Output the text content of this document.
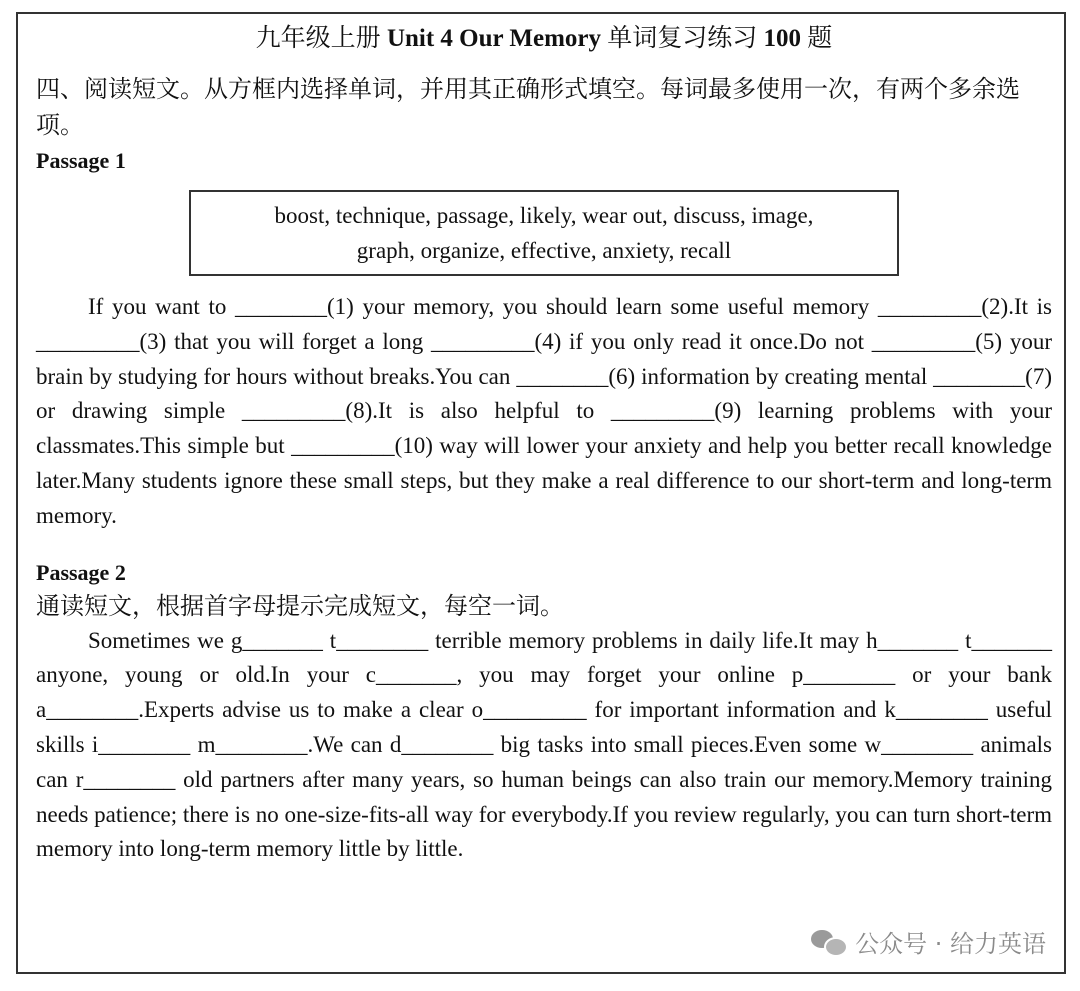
九年级上册 Unit 4 Our Memory 单词复习练习 100 题

四、阅读短文。从方框内选择单词，并用其正确形式填空。每词最多使用一次，有两个多余选项。

Passage 1

boost, technique, passage, likely, wear out, discuss, image,
graph, organize, effective, anxiety, recall

If you want to ________(1) your memory, you should learn some useful memory _________(2).It is _________(3) that you will forget a long _________(4) if you only read it once.Do not _________(5) your brain by studying for hours without breaks.You can ________(6) information by creating mental ________(7) or drawing simple _________(8).It is also helpful to _________(9) learning problems with your classmates.This simple but _________(10) way will lower your anxiety and help you better recall knowledge later.Many students ignore these small steps, but they make a real difference to our short‑term and long‑term memory.

Passage 2

通读短文，根据首字母提示完成短文，每空一词。

Sometimes we g_______ t________ terrible memory problems in daily life.It may h_______ t_______ anyone, young or old.In your c_______, you may forget your online p________ or your bank a________.Experts advise us to make a clear o_________ for important information and k________ useful skills i________ m________.We can d________ big tasks into small pieces.Even some w________ animals can r________ old partners after many years, so human beings can also train our memory.Memory training needs patience; there is no one‑size‑fits‑all way for everybody.If you review regularly, you can turn short‑term memory into long‑term memory little by little.

公众号 · 给力英语
